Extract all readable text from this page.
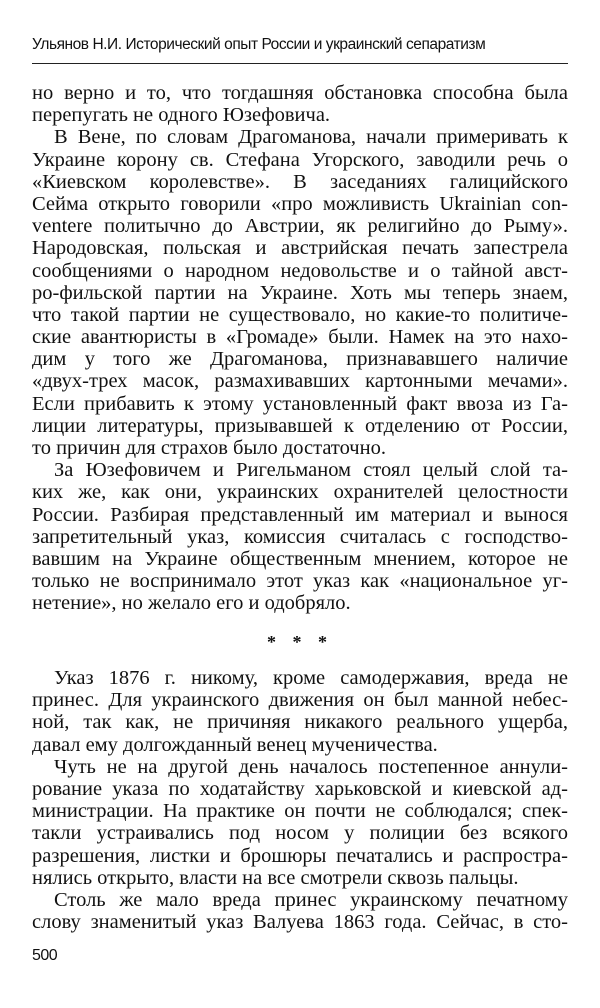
Ульянов Н.И. Исторический опыт России и украинский сепаратизм
но верно и то, что тогдашняя обстановка способна была
перепугать не одного Юзефовича.
В Вене, по словам Драгоманова, начали примеривать к
Украине корону св. Стефана Угорского, заводили речь о
«Киевском королевстве». В заседаниях галицийского
Сейма открыто говорили «про можливисть Ukrainian con-
ventere политычно до Австрии, як религийно до Рыму».
Народовская, польская и австрийская печать запестрела
сообщениями о народном недовольстве и о тайной авст-
ро-фильской партии на Украине. Хоть мы теперь знаем,
что такой партии не существовало, но какие-то политиче-
ские авантюристы в «Громаде» были. Намек на это нахо-
дим у того же Драгоманова, признававшего наличие
«двух-трех масок, размахивавших картонными мечами».
Если прибавить к этому установленный факт ввоза из Га-
лиции литературы, призывавшей к отделению от России,
то причин для страхов было достаточно.
За Юзефовичем и Ригельманом стоял целый слой та-
ких же, как они, украинских охранителей целостности
России. Разбирая представленный им материал и вынося
запретительный указ, комиссия считалась с господство-
вавшим на Украине общественным мнением, которое не
только не воспринимало этот указ как «национальное уг-
нетение», но желало его и одобряло.
* * *
Указ 1876 г. никому, кроме самодержавия, вреда не
принес. Для украинского движения он был манной небес-
ной, так как, не причиняя никакого реального ущерба,
давал ему долгожданный венец мученичества.
Чуть не на другой день началось постепенное аннули-
рование указа по ходатайству харьковской и киевской ад-
министрации. На практике он почти не соблюдался; спек-
такли устраивались под носом у полиции без всякого
разрешения, листки и брошюры печатались и распростра-
нялись открыто, власти на все смотрели сквозь пальцы.
Столь же мало вреда принес украинскому печатному
слову знаменитый указ Валуева 1863 года. Сейчас, в сто-
500
